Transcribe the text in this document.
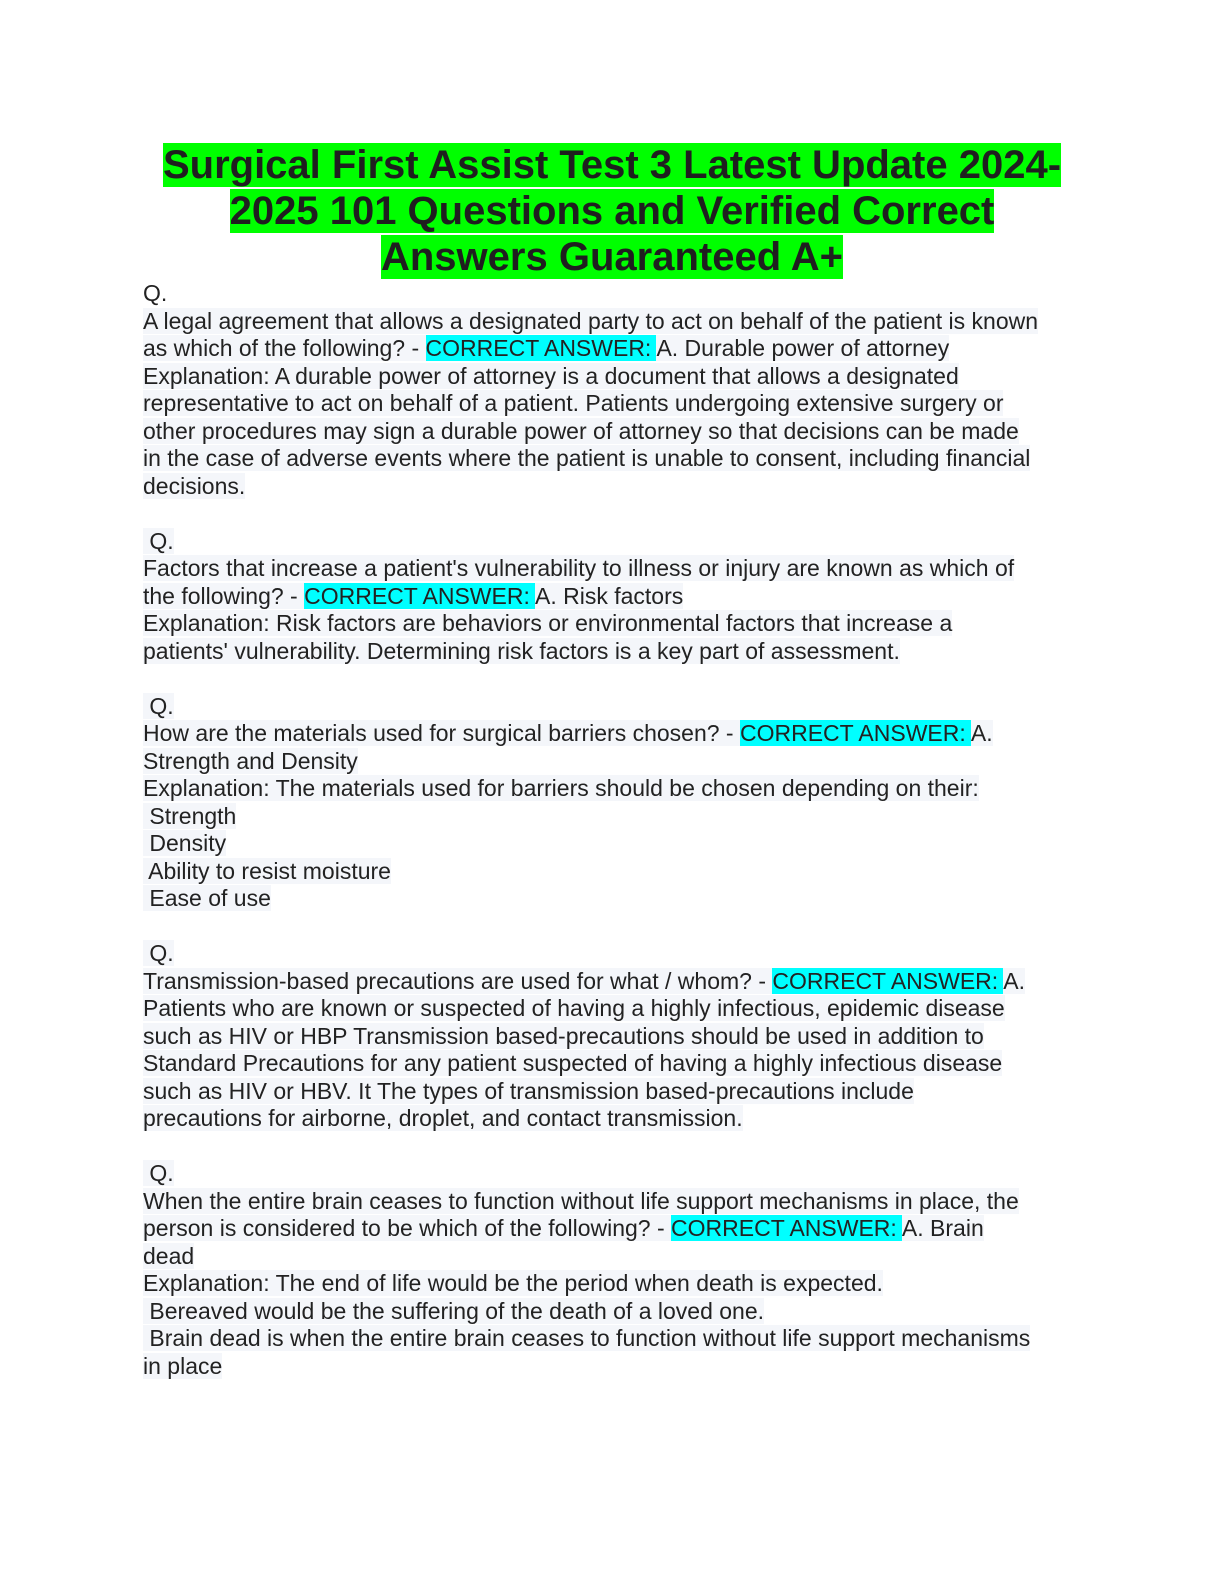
Surgical First Assist Test 3 Latest Update 2024-
2025 101 Questions and Verified Correct
Answers Guaranteed A+
Q.
A legal agreement that allows a designated party to act on behalf of the patient is known
as which of the following? - CORRECT ANSWER: A. Durable power of attorney
Explanation: A durable power of attorney is a document that allows a designated
representative to act on behalf of a patient. Patients undergoing extensive surgery or
other procedures may sign a durable power of attorney so that decisions can be made
in the case of adverse events where the patient is unable to consent, including financial
decisions.
Q.
Factors that increase a patient's vulnerability to illness or injury are known as which of
the following? - CORRECT ANSWER: A. Risk factors
Explanation: Risk factors are behaviors or environmental factors that increase a
patients' vulnerability. Determining risk factors is a key part of assessment.
Q.
How are the materials used for surgical barriers chosen? - CORRECT ANSWER: A.
Strength and Density
Explanation: The materials used for barriers should be chosen depending on their:
Strength
Density
Ability to resist moisture
Ease of use
Q.
Transmission-based precautions are used for what / whom? - CORRECT ANSWER: A.
Patients who are known or suspected of having a highly infectious, epidemic disease
such as HIV or HBP Transmission based-precautions should be used in addition to
Standard Precautions for any patient suspected of having a highly infectious disease
such as HIV or HBV. It The types of transmission based-precautions include
precautions for airborne, droplet, and contact transmission.
Q.
When the entire brain ceases to function without life support mechanisms in place, the
person is considered to be which of the following? - CORRECT ANSWER: A. Brain
dead
Explanation: The end of life would be the period when death is expected.
Bereaved would be the suffering of the death of a loved one.
Brain dead is when the entire brain ceases to function without life support mechanisms
in place
